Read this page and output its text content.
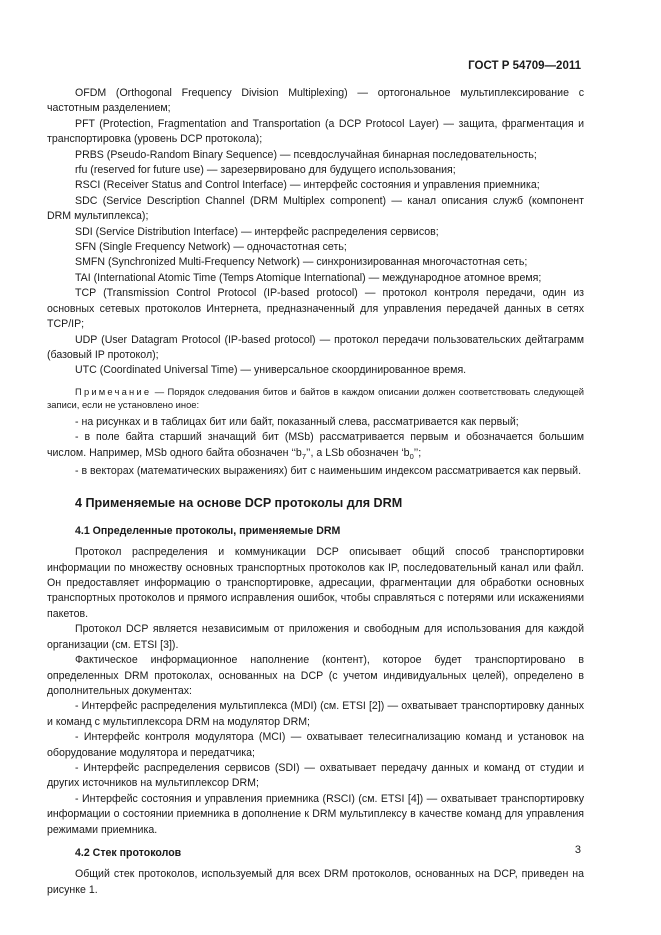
ГОСТ Р 54709—2011

OFDM (Orthogonal Frequency Division Multiplexing) — ортогональное мультиплексирование с частотным разделением;

PFT (Protection, Fragmentation and Transportation (a DCP Protocol Layer) — защита, фрагментация и транспортировка (уровень DCP протокола);

PRBS (Pseudo-Random Binary Sequence) — псевдослучайная бинарная последовательность;

rfu (reserved for future use) — зарезервировано для будущего использования;

RSCI (Receiver Status and Control Interface) — интерфейс состояния и управления приемника;

SDC (Service Description Channel (DRM Multiplex component) — канал описания служб (компонент DRM мультиплекса);

SDI (Service Distribution Interface) — интерфейс распределения сервисов;

SFN (Single Frequency Network) — одночастотная сеть;

SMFN (Synchronized Multi-Frequency Network) — синхронизированная многочастотная сеть;

TAI (International Atomic Time (Temps Atomique International) — международное атомное время;

TCP (Transmission Control Protocol (IP-based protocol) — протокол контроля передачи, один из основных сетевых протоколов Интернета, предназначенный для управления передачей данных в сетях TCP/IP;

UDP (User Datagram Protocol (IP-based protocol) — протокол передачи пользовательских дейтаграмм (базовый IP протокол);

UTC (Coordinated Universal Time) — универсальное скоординированное время.

Примечание — Порядок следования битов и байтов в каждом описании должен соответствовать следующей записи, если не установлено иное:

- на рисунках и в таблицах бит или байт, показанный слева, рассматривается как первый;

- в поле байта старший значащий бит (MSb) рассматривается первым и обозначается большим числом. Например, MSb одного байта обозначен ‘‘$b_7$’’, а LSb обозначен ‘$b_0$’’;

- в векторах (математических выражениях) бит с наименьшим индексом рассматривается как первый.

4 Применяемые на основе DCP протоколы для DRM
4.1 Определенные протоколы, применяемые DRM

Протокол распределения и коммуникации DCP описывает общий способ транспортировки информации по множеству основных транспортных протоколов как IP, последовательный канал или файл. Он предоставляет информацию о транспортировке, адресации, фрагментации для обработки основных транспортных протоколов и прямого исправления ошибок, чтобы справляться с потерями или искажениями пакетов.

Протокол DCP является независимым от приложения и свободным для использования для каждой организации (см. ETSI [3]).

Фактическое информационное наполнение (контент), которое будет транспортировано в определенных DRM протоколах, основанных на DCP (с учетом индивидуальных целей), определено в дополнительных документах:

- Интерфейс распределения мультиплекса (MDI) (см. ETSI [2]) — охватывает транспортировку данных и команд с мультиплексора DRM на модулятор DRM;

- Интерфейс контроля модулятора (MCI) — охватывает телесигнализацию команд и установок на оборудование модулятора и передатчика;

- Интерфейс распределения сервисов (SDI) — охватывает передачу данных и команд от студии и других источников на мультиплексор DRM;

- Интерфейс состояния и управления приемника (RSCI) (см. ETSI [4]) — охватывает транспортировку информации о состоянии приемника в дополнение к DRM мультиплексу в качестве команд для управления режимами приемника.

4.2 Стек протоколов

Общий стек протоколов, используемый для всех DRM протоколов, основанных на DCP, приведен на рисунке 1.

3
